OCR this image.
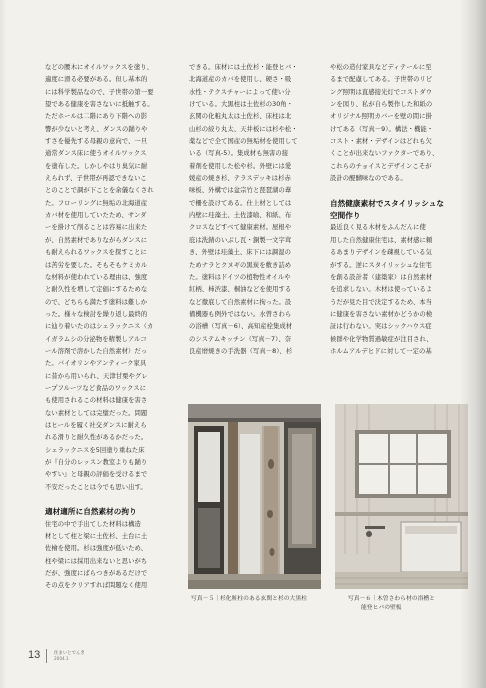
などの腰木にオイルワックスを塗り、
適度に滑る必要がある。但し基本的
には科学製品なので、子世帯の第一要
望である健康を害さないに抵触する。
ただホールは二階にあり下階への影
響が少ないと考え、ダンスの踊りや
すさを優先する母親の意向で、一旦
通常ダンス床に使うオイルワックス
を塗布した。しかしやはり臭気に耐
えられず、子世帯が再認できないこ
とのことで調が下ことを余儀なくされ
た。フローリングに無垢の北海道産
カバ材を使用していたため、サンダ
ーを掛けて削ることは容易に出来た
が、自然素材でありながらダンスに
も耐えられるワックスを探すことに
は苦労を要した。そもそもケミカル
な材料が使われている理由は、強度
と耐久性を増して定価にするためな
ので、どちらも満たす塗料は難しか
った。様々な検討を繰り返し最終的
に辿り着いたのはシェラックニス（カ
イガラムシの分泌物を精製しアルコ
ール溶剤で溶かした自然素材）だっ
た。バイオリンやアンティーク家具
に昔から用いられ、天津甘栗やグレ
ープフルーツなど食品のワックスに
も使用されるこの材料は健康を害さ
ない素材としては完璧だった。問題
はヒールを履く社交ダンスに耐えら
れる滑りと耐久性があるかだった。
シェラックニスを5回塗り重ねた床
が『自分のレッスン教室よりも踊り
やすい』と母親の評価を受けるまで
不安だったことは今でも思い出す。
適材適所に自然素材の拘り
住宅の中で手出てした材料は構造
材として柱と梁に土佐杉、土台に土
佐檜を使用。杉は強度が低いため、
柱や梁には採用出来ないと思いがち
だが、強度にばらつきがあるだけで
その点をクリアすれば問題なく使用
できる。床材には土佐杉・能登ヒバ・
北海道産のカバを使用し、硬さ・吸
水性・テクスチャーによって使い分
けている。大黒柱は土佐杉の30角・
玄関の化粧丸太は土佐杉、床柱は北
山杉の絞り丸太、天井板には杉や松・
薬などで全て国産の無垢材を使用して
いる（写真-5）。集成材も無害の接
着剤を使用した松や杉。外壁には愛
媛産の焼き杉、テラスデッキは杉赤
味板、外構では盆宗竹と琵琶湖の葦
で柵を設けてある。仕上材としては
内壁に珪藻土、土佐漆喰、和紙、布
クロスなどすべて健康素材。屋根や
庇は洗錆のいぶし瓦・銅製一文字茸
き、外壁は珪藻土、床下には調湿の
ためナラとクヌギの黒炭を敷き詰め
た。塗料はドイツの植物性オイルや
紅柄、柿渋漆、桐油などを使用する
など徹底して自然素材に拘った。設
備機器も例外ではない。水曽さわら
の浴槽（写真－6）、高知産栓集成材
のシステムキッチン（写真－7）、奈
良産磨焼きの手洗器（写真－8）、杉
や松の造付家具などディテールに至
るまで配慮してある。子世帯のリビ
ング照明は直感接光灯でコストダウ
ンを図り、私が自ら製作した和紙の
オリジナル照明カバーを壁の間に掛
けてある（写真－9）。構法・機能・
コスト・素材・デザインはどれも欠
くことが出来ないファクターであり、
これらのチョイスとデザインこそが
設計の醍醐味なのである。
自然健康素材でスタイリッシュな
空間作り
最近良く見る木材をふんだんに使
用した自然健康住宅は、素材感に頼
るあまりデザインを疎視している気
がする。逆にスタイリッシュな住宅
を創る設計者（建築家）は自然素材
を追求しない。木材は使っているよ
うだが見た目で決定するため、本当
に健康を害さない素材かどうかの検
証は行わない。実はシックハウス症
候群や化学物質過敏症が注目され、
ホルムアルデヒドに対して一定の基
写真－５｜杉化粧柱のある玄関と杉の大黒柱	写真－６｜木曽さわら材の浴槽と
能登ヒバの壁板
13	住まいとでんき
2004.1
